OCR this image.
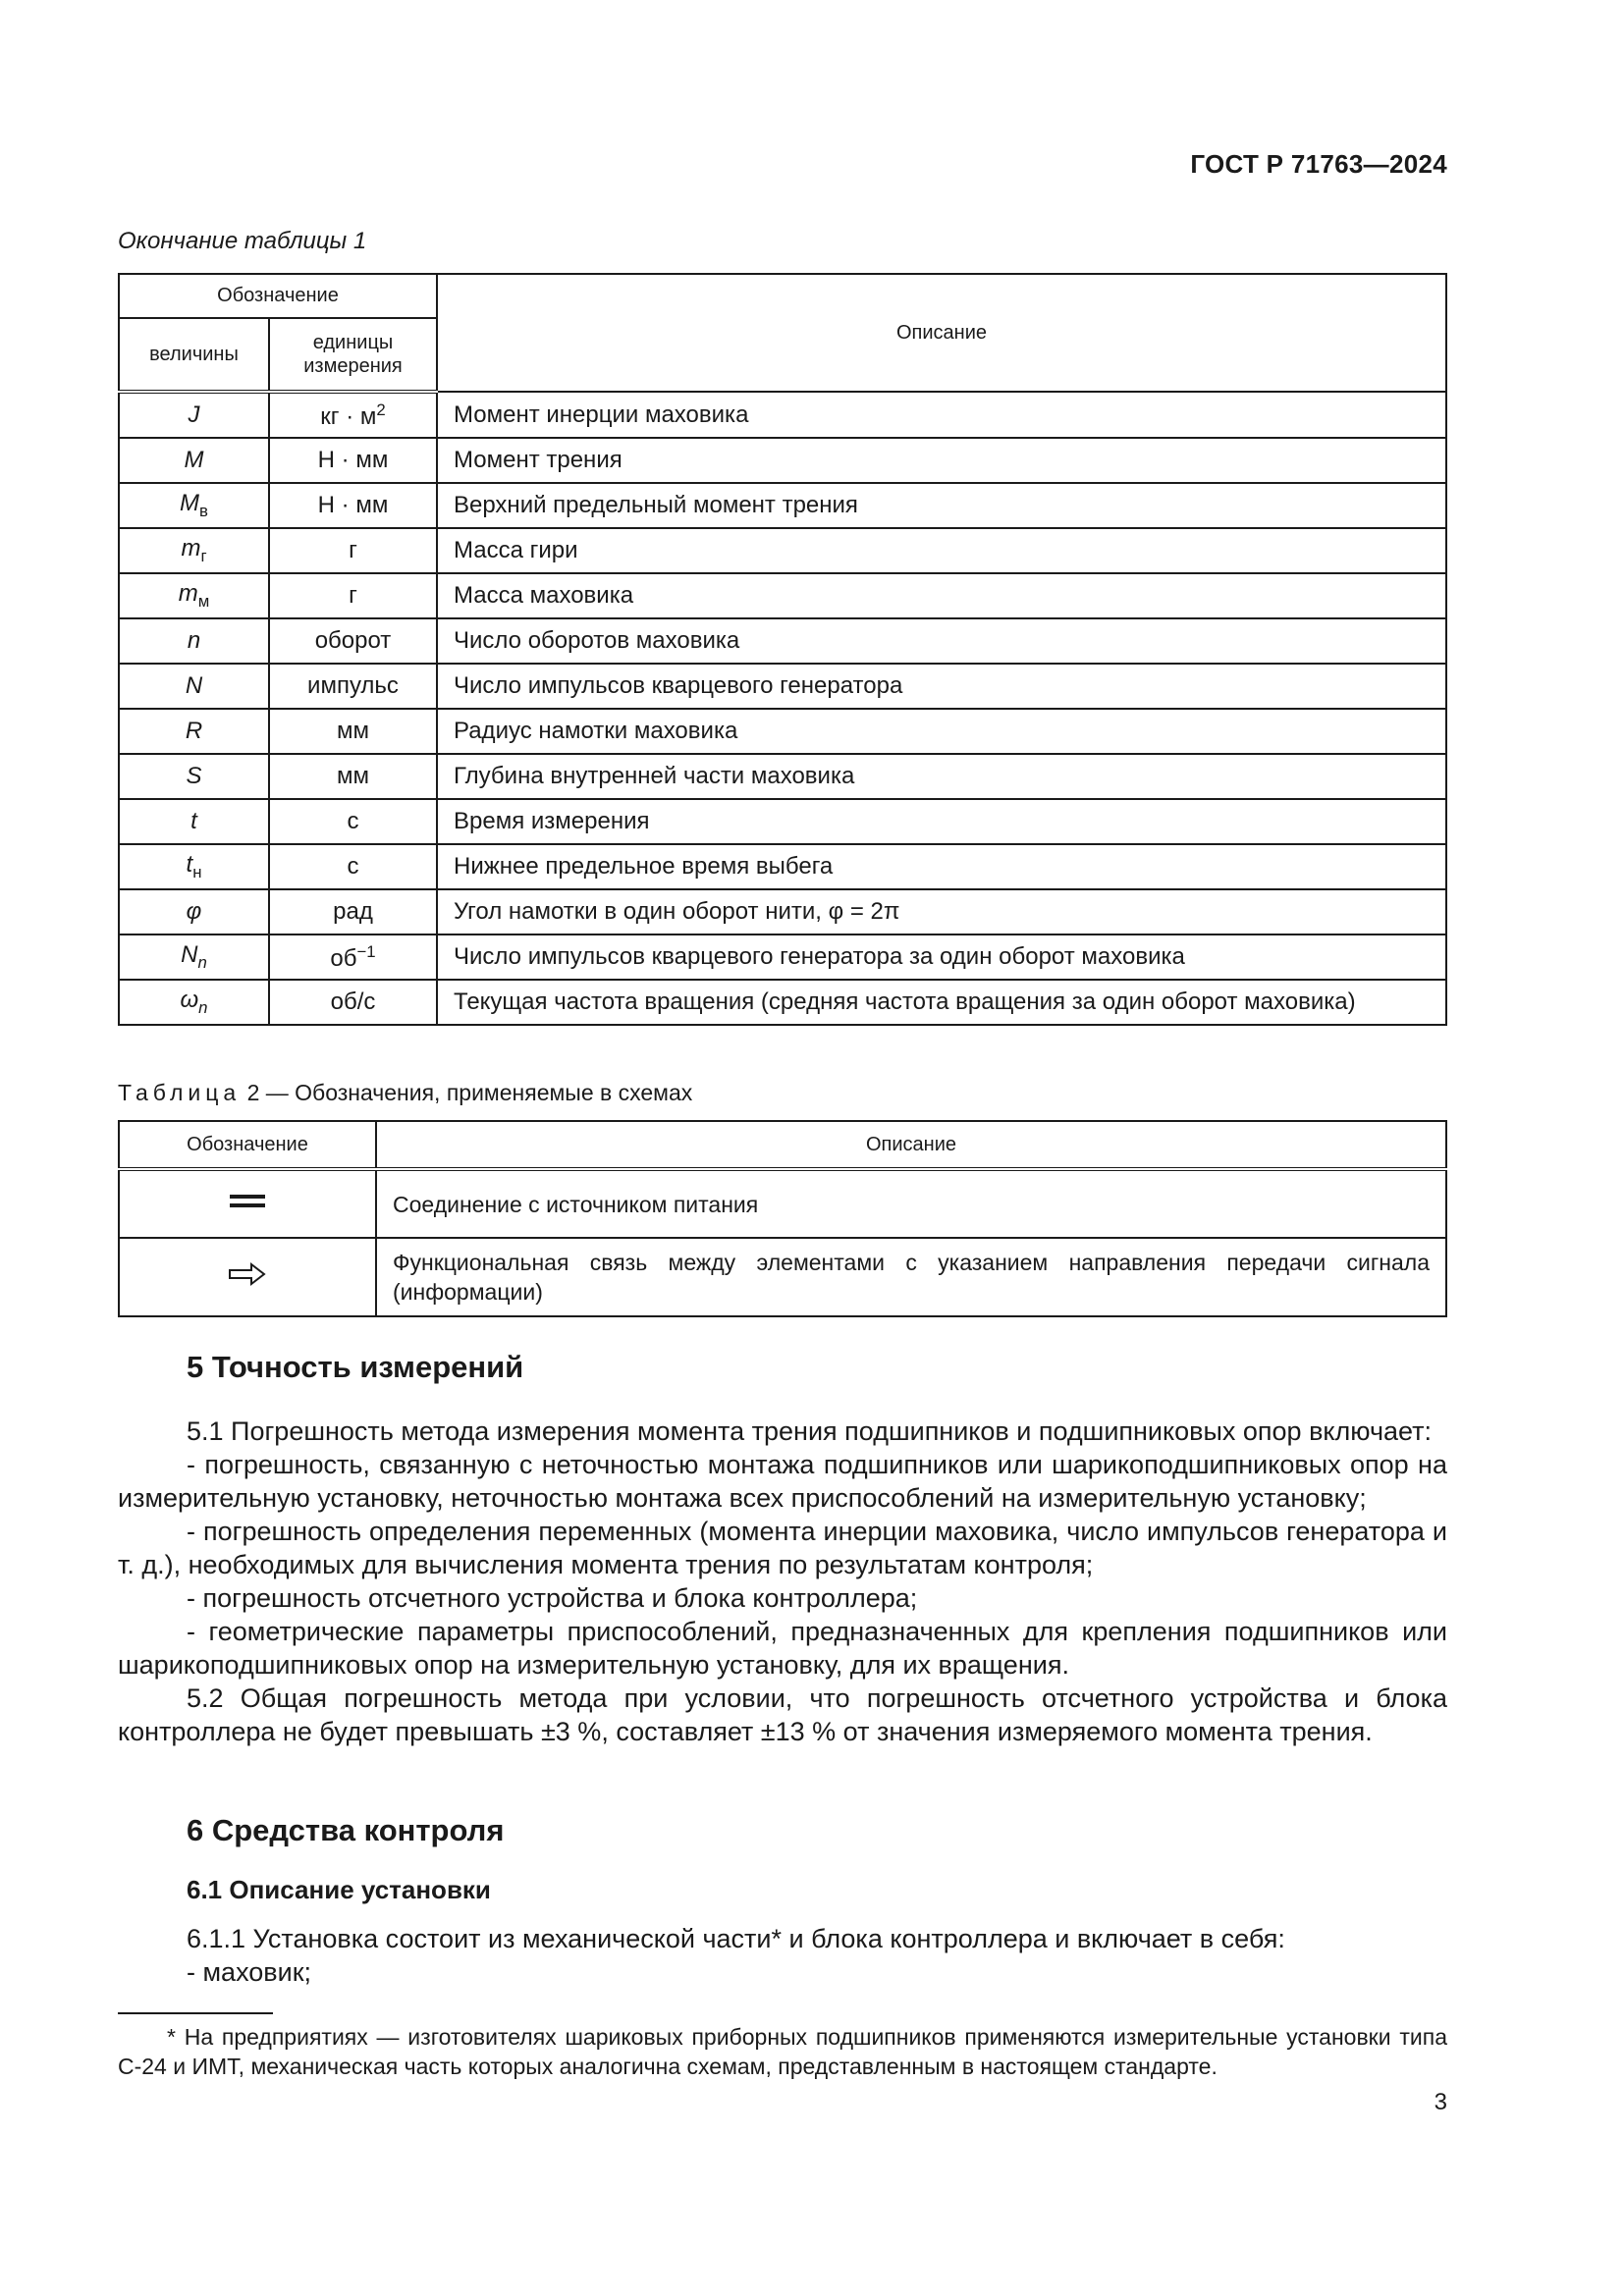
ГОСТ Р 71763—2024
Окончание таблицы 1
Обозначение		Описание
величины	единицы измерения	
J	кг · $м^2$	Момент инерции маховика
M	Н · мм	Момент трения
$M_в$	Н · мм	Верхний предельный момент трения
$m_г$	г	Масса гири
$m_м$	г	Масса маховика
n	оборот	Число оборотов маховика
N	импульс	Число импульсов кварцевого генератора
R	мм	Радиус намотки маховика
S	мм	Глубина внутренней части маховика
t	с	Время измерения
$t_н$	с	Нижнее предельное время выбега
φ	рад	Угол намотки в один оборот нити, φ = 2π
$N_n$	$об^{-1}$	Число импульсов кварцевого генератора за один оборот маховика
$\omega_n$	об/с	Текущая частота вращения (средняя частота вращения за один оборот маховика)
Таблица 2 — Обозначения, применяемые в схемах
Обозначение	Описание
	Соединение с источником питания
	Функциональная связь между элементами с указанием направления передачи сигнала (информации)
5 Точность измерений

5.1 Погрешность метода измерения момента трения подшипников и подшипниковых опор включает:

- погрешность, связанную с неточностью монтажа подшипников или шарикоподшипниковых опор на измерительную установку, неточностью монтажа всех приспособлений на измерительную установку;

- погрешность определения переменных (момента инерции маховика, число импульсов генератора и т. д.), необходимых для вычисления момента трения по результатам контроля;

- погрешность отсчетного устройства и блока контроллера;

- геометрические параметры приспособлений, предназначенных для крепления подшипников или шарикоподшипниковых опор на измерительную установку, для их вращения.

5.2 Общая погрешность метода при условии, что погрешность отсчетного устройства и блока контроллера не будет превышать ±3 %, составляет ±13 % от значения измеряемого момента трения.

6 Средства контроля
6.1 Описание установки

6.1.1 Установка состоит из механической части* и блока контроллера и включает в себя:

- маховик;

* На предприятиях — изготовителях шариковых приборных подшипников применяются измерительные установки типа С-24 и ИМТ, механическая часть которых аналогична схемам, представленным в настоящем стандарте.

3
